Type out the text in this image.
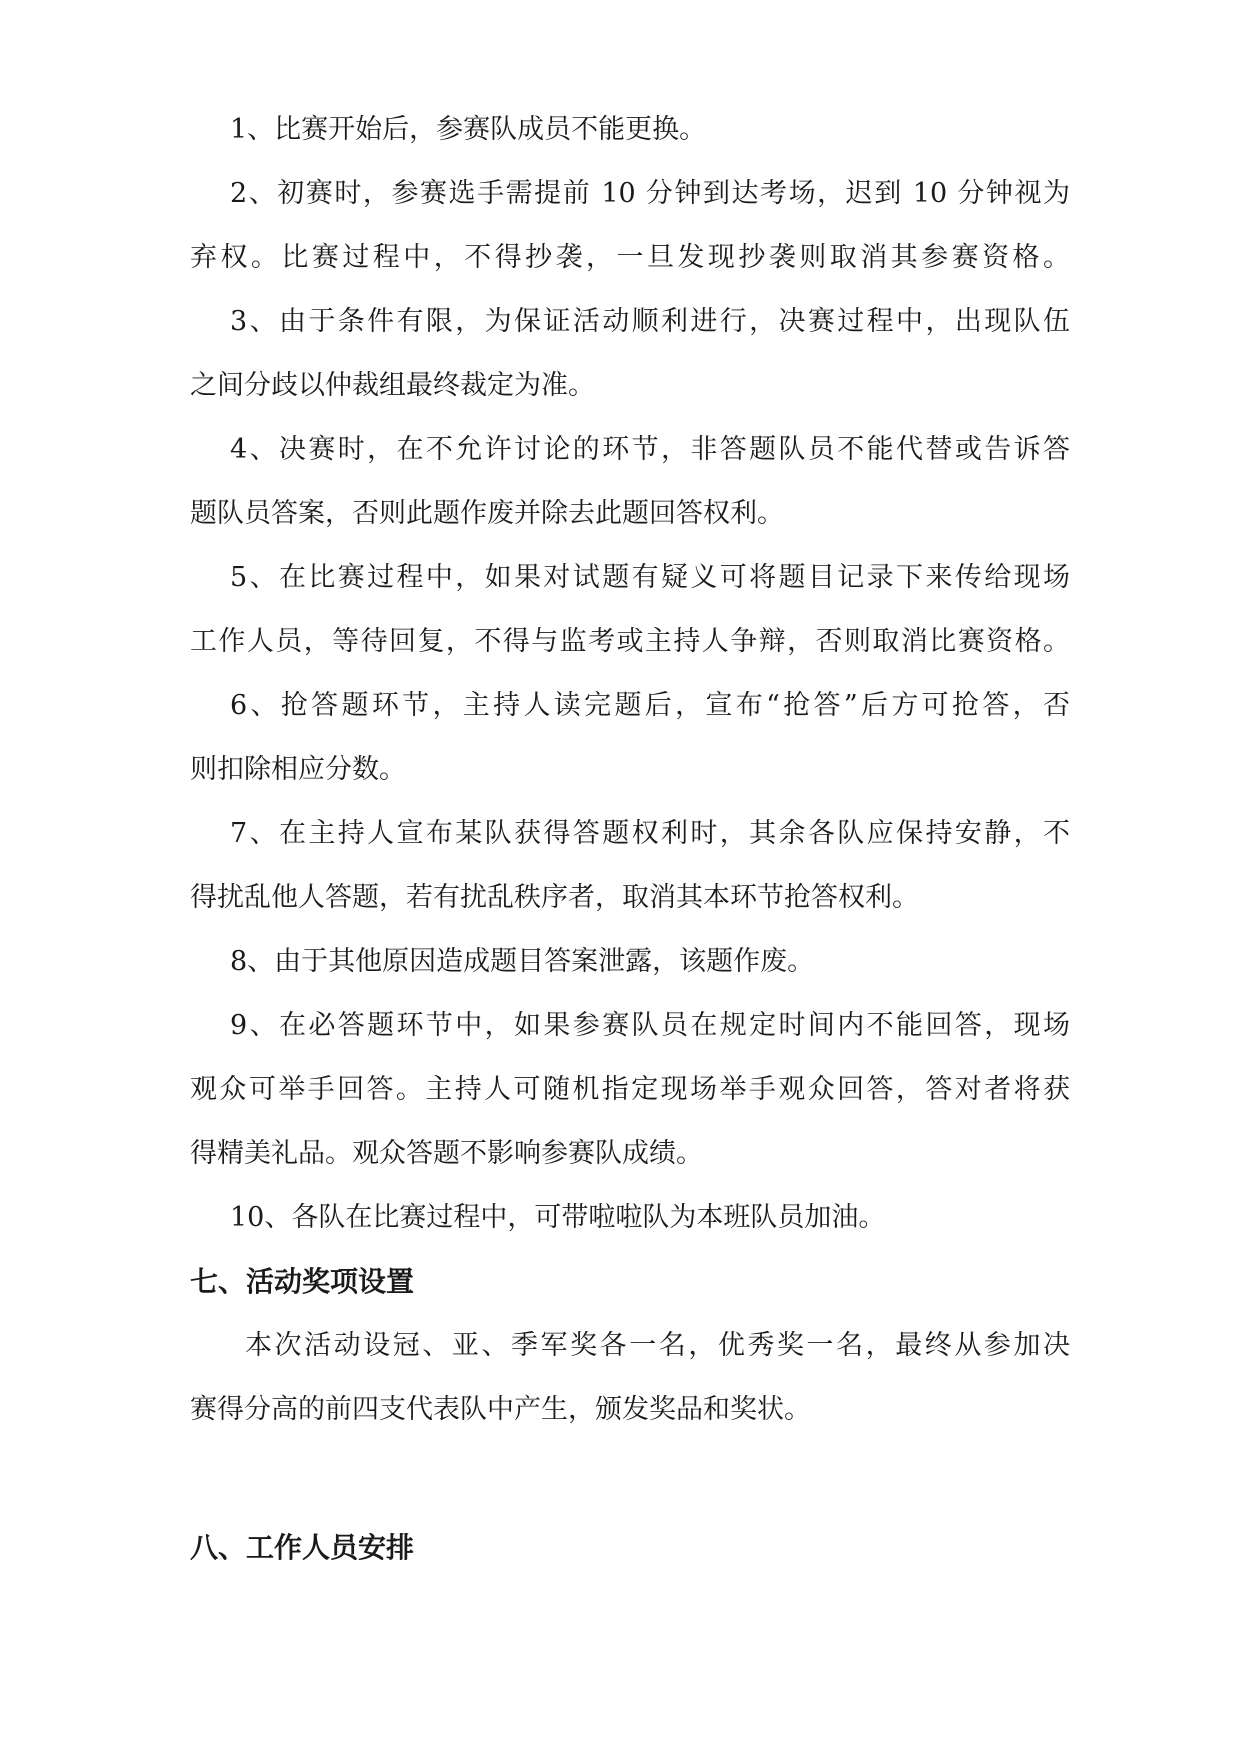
1、比赛开始后，参赛队成员不能更换。
2、初赛时，参赛选手需提前 10 分钟到达考场，迟到 10 分钟视为
弃权。比赛过程中，不得抄袭，一旦发现抄袭则取消其参赛资格。
3、由于条件有限，为保证活动顺利进行，决赛过程中，出现队伍
之间分歧以仲裁组最终裁定为准。
4、决赛时，在不允许讨论的环节，非答题队员不能代替或告诉答
题队员答案，否则此题作废并除去此题回答权利。
5、在比赛过程中，如果对试题有疑义可将题目记录下来传给现场
工作人员，等待回复，不得与监考或主持人争辩，否则取消比赛资格。
6、抢答题环节，主持人读完题后，宣布“抢答”后方可抢答，否
则扣除相应分数。
7、在主持人宣布某队获得答题权利时，其余各队应保持安静，不
得扰乱他人答题，若有扰乱秩序者，取消其本环节抢答权利。
8、由于其他原因造成题目答案泄露，该题作废。
9、在必答题环节中，如果参赛队员在规定时间内不能回答，现场
观众可举手回答。主持人可随机指定现场举手观众回答，答对者将获
得精美礼品。观众答题不影响参赛队成绩。
10、各队在比赛过程中，可带啦啦队为本班队员加油。
七、活动奖项设置
本次活动设冠、亚、季军奖各一名，优秀奖一名，最终从参加决
赛得分高的前四支代表队中产生，颁发奖品和奖状。
八、工作人员安排
